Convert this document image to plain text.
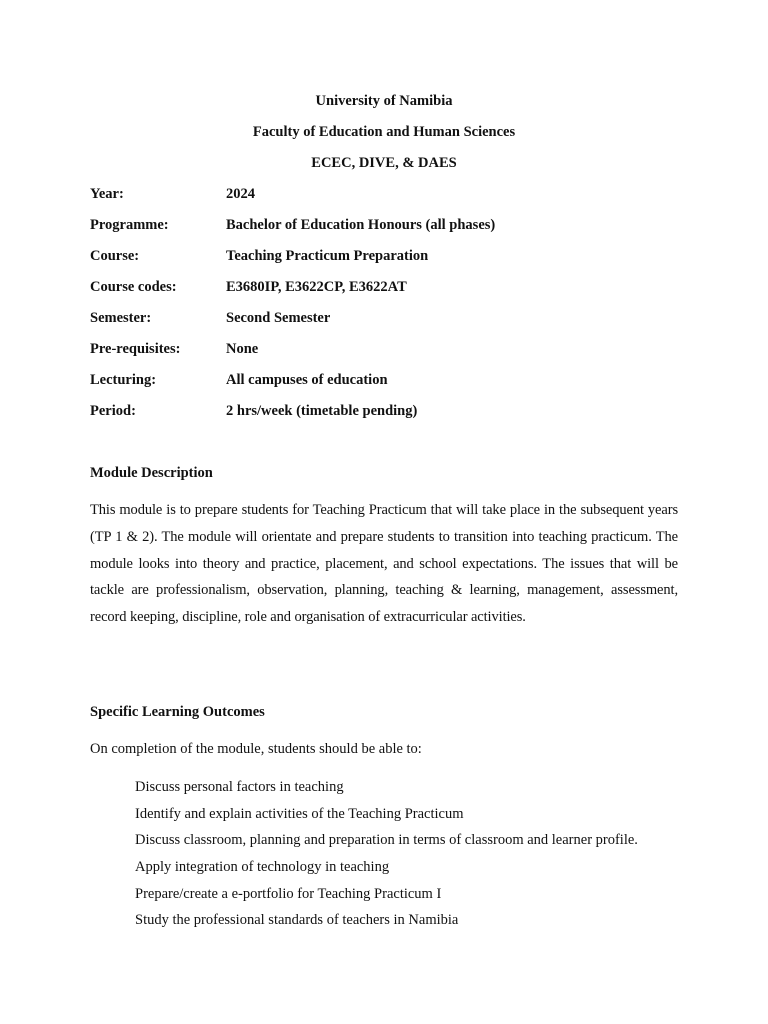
University of Namibia
Faculty of Education and Human Sciences
ECEC, DIVE, & DAES
Year:	2024
Programme:	Bachelor of Education Honours (all phases)
Course:	Teaching Practicum Preparation
Course codes:	E3680IP, E3622CP, E3622AT
Semester:	Second Semester
Pre-requisites:	None
Lecturing:	All campuses of education
Period:	2 hrs/week (timetable pending)
Module Description
This module is to prepare students for Teaching Practicum that will take place in the subsequent years (TP 1 & 2). The module will orientate and prepare students to transition into teaching practicum. The module looks into theory and practice, placement, and school expectations. The issues that will be tackle are professionalism, observation, planning, teaching & learning, management, assessment, record keeping, discipline, role and organisation of extracurricular activities.
Specific Learning Outcomes
On completion of the module, students should be able to:
Discuss personal factors in teaching
Identify and explain activities of the Teaching Practicum
Discuss classroom, planning and preparation in terms of classroom and learner profile.
Apply integration of technology in teaching
Prepare/create a e-portfolio for Teaching Practicum I
Study the professional standards of teachers in Namibia
